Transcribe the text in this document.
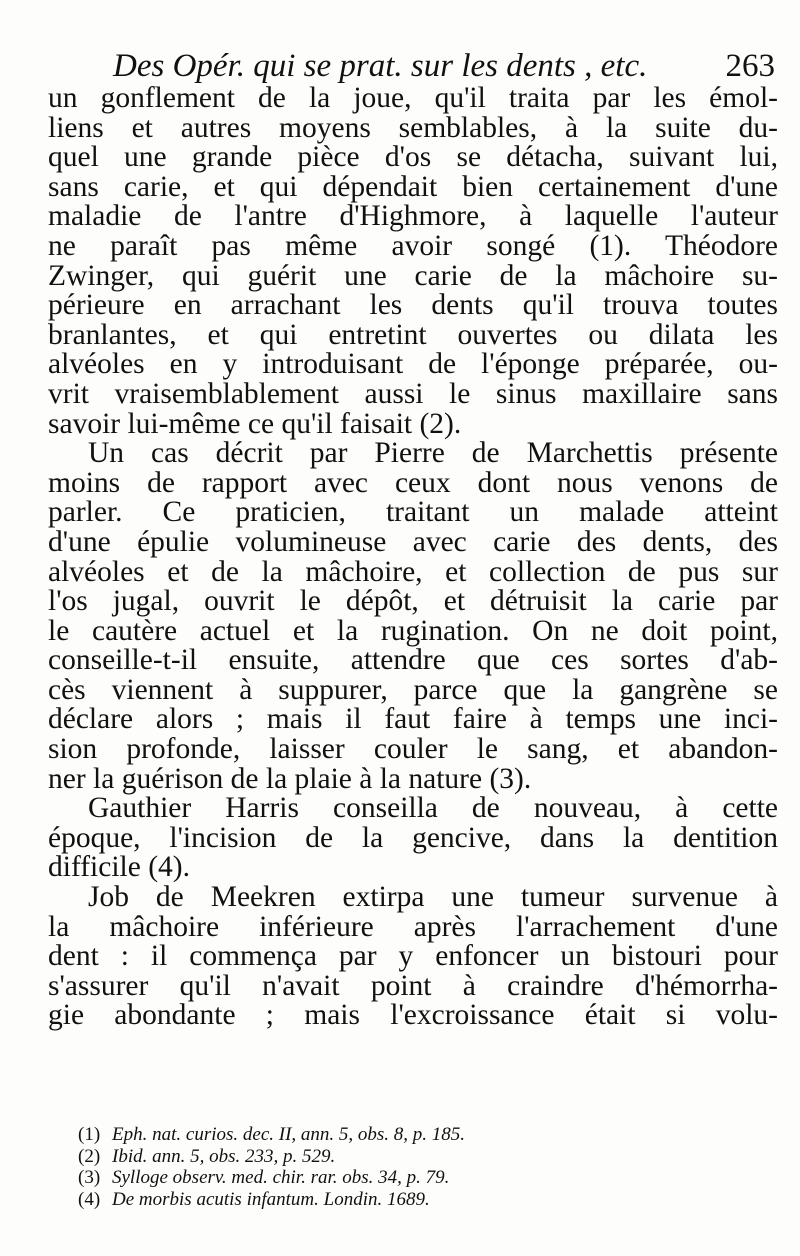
Des Opér. qui se prat. sur les dents , etc. 263
un gonflement de la joue, qu'il traita par les émol-
liens et autres moyens semblables, à la suite du-
quel une grande pièce d'os se détacha, suivant lui,
sans carie, et qui dépendait bien certainement d'une
maladie de l'antre d'Highmore, à laquelle l'auteur
ne paraît pas même avoir songé (1). Théodore
Zwinger, qui guérit une carie de la mâchoire su-
périeure en arrachant les dents qu'il trouva toutes
branlantes, et qui entretint ouvertes ou dilata les
alvéoles en y introduisant de l'éponge préparée, ou-
vrit vraisemblablement aussi le sinus maxillaire sans
savoir lui-même ce qu'il faisait (2).
Un cas décrit par Pierre de Marchettis présente
moins de rapport avec ceux dont nous venons de
parler. Ce praticien, traitant un malade atteint
d'une épulie volumineuse avec carie des dents, des
alvéoles et de la mâchoire, et collection de pus sur
l'os jugal, ouvrit le dépôt, et détruisit la carie par
le cautère actuel et la rugination. On ne doit point,
conseille-t-il ensuite, attendre que ces sortes d'ab-
cès viennent à suppurer, parce que la gangrène se
déclare alors ; mais il faut faire à temps une inci-
sion profonde, laisser couler le sang, et abandon-
ner la guérison de la plaie à la nature (3).
Gauthier Harris conseilla de nouveau, à cette
époque, l'incision de la gencive, dans la dentition
difficile (4).
Job de Meekren extirpa une tumeur survenue à
la mâchoire inférieure après l'arrachement d'une
dent : il commença par y enfoncer un bistouri pour
s'assurer qu'il n'avait point à craindre d'hémorrha-
gie abondante ; mais l'excroissance était si volu-
(1) Eph. nat. curios. dec. II, ann. 5, obs. 8, p. 185.
(2) Ibid. ann. 5, obs. 233, p. 529.
(3) Sylloge observ. med. chir. rar. obs. 34, p. 79.
(4) De morbis acutis infantum. Londin. 1689.
